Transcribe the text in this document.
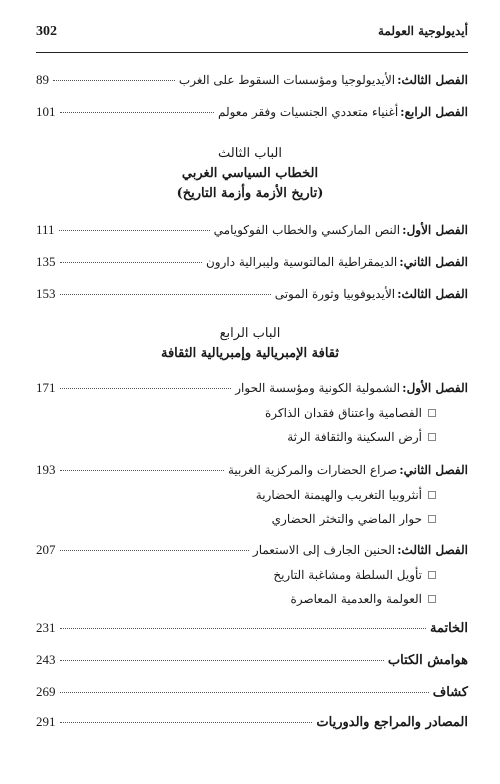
302	أيديولوجية العولمة
الفصل الثالث:
الأيديولوجيا ومؤسسات السقوط على الغرب
89
الفصل الرابع:
أغنياء متعددي الجنسيات وفقر معولم
101
الباب الثالث
الخطاب السياسي الغربي
(تاريخ الأزمة وأزمة التاريخ)
الفصل الأول:
النص الماركسي والخطاب الفوكويامي
111
الفصل الثاني:
الديمقراطية المالتوسية وليبرالية دارون
135
الفصل الثالث:
الأيديوفوبيا وثورة الموتى
153
الباب الرابع
ثقافة الإمبريالية وإمبريالية الثقافة
الفصل الأول:
الشمولية الكونية ومؤسسة الحوار
171
الفصامية واعتناق فقدان الذاكرة
أرض السكينة والثقافة الرثة
الفصل الثاني:
صراع الحضارات والمركزية الغربية
193
أنثروبيا التغريب والهيمنة الحضارية
حوار الماضي والتخثر الحضاري
الفصل الثالث:
الحنين الجارف إلى الاستعمار
207
تأويل السلطة ومشاغبة التاريخ
العولمة والعدمية المعاصرة
الخاتمة
231
هوامش الكتاب
243
كشاف
269
المصادر والمراجع والدوريات
291
